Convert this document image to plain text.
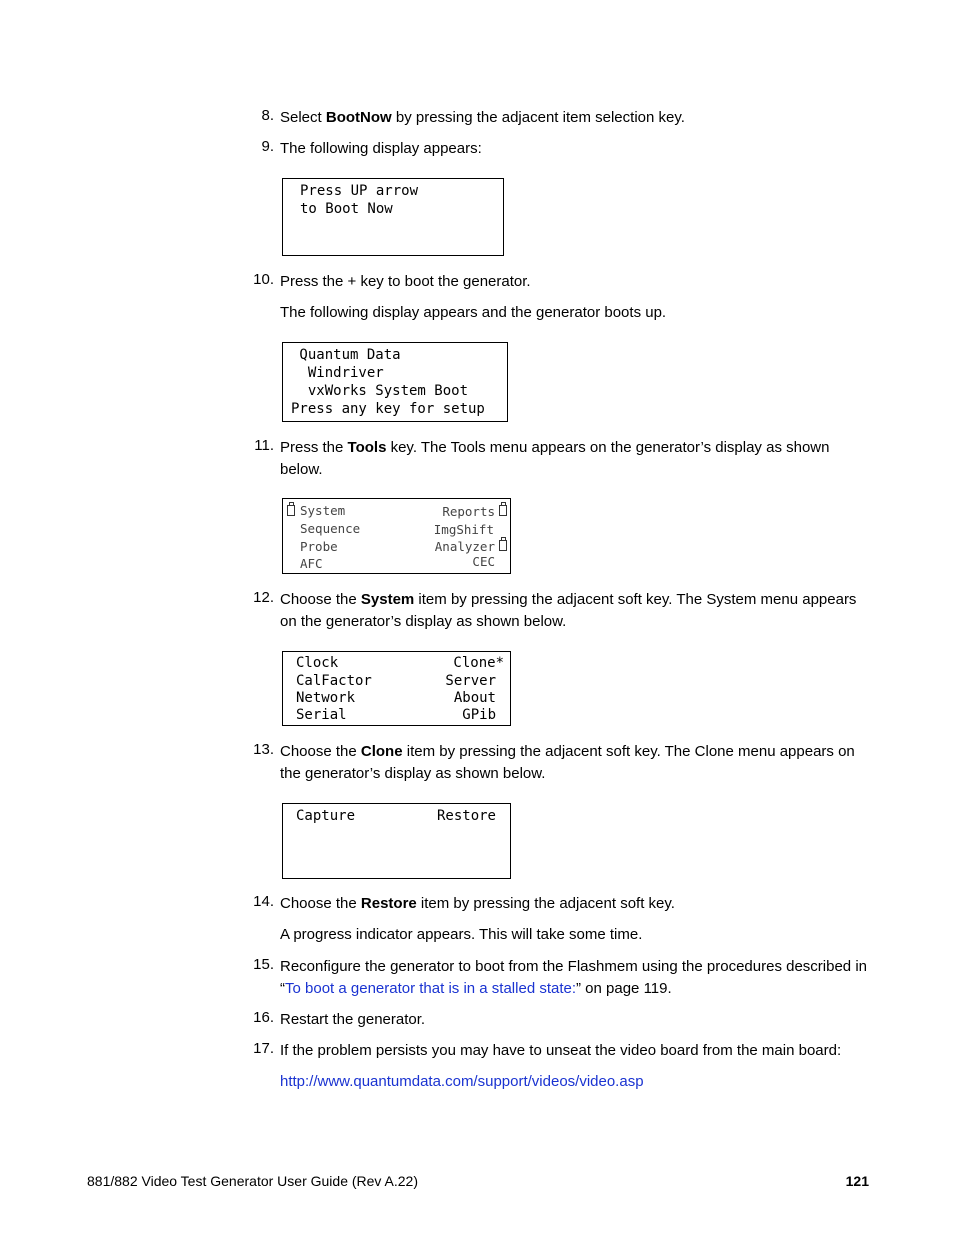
8. Select BootNow by pressing the adjacent item selection key.
9. The following display appears:
Press UP arrow
to Boot Now
10. Press the + key to boot the generator.
The following display appears and the generator boots up.
Quantum Data
Windriver
vxWorks System Boot
Press any key for setup
11. Press the Tools key. The Tools menu appears on the generator’s display as shown below.
System
Sequence
Probe
AFC
Reports
ImgShift
Analyzer
CEC
12. Choose the System item by pressing the adjacent soft key. The System menu appears on the generator’s display as shown below.
Clock
CalFactor
Network
Serial
Clone*
Server
About
GPib
13. Choose the Clone item by pressing the adjacent soft key. The Clone menu appears on the generator’s display as shown below.
Capture	Restore
14. Choose the Restore item by pressing the adjacent soft key.
A progress indicator appears. This will take some time.
15. Reconfigure the generator to boot from the Flashmem using the procedures described in “To boot a generator that is in a stalled state:” on page 119.
16. Restart the generator.
17. If the problem persists you may have to unseat the video board from the main board:
http://www.quantumdata.com/support/videos/video.asp
881/882 Video Test Generator User Guide (Rev A.22)	121
